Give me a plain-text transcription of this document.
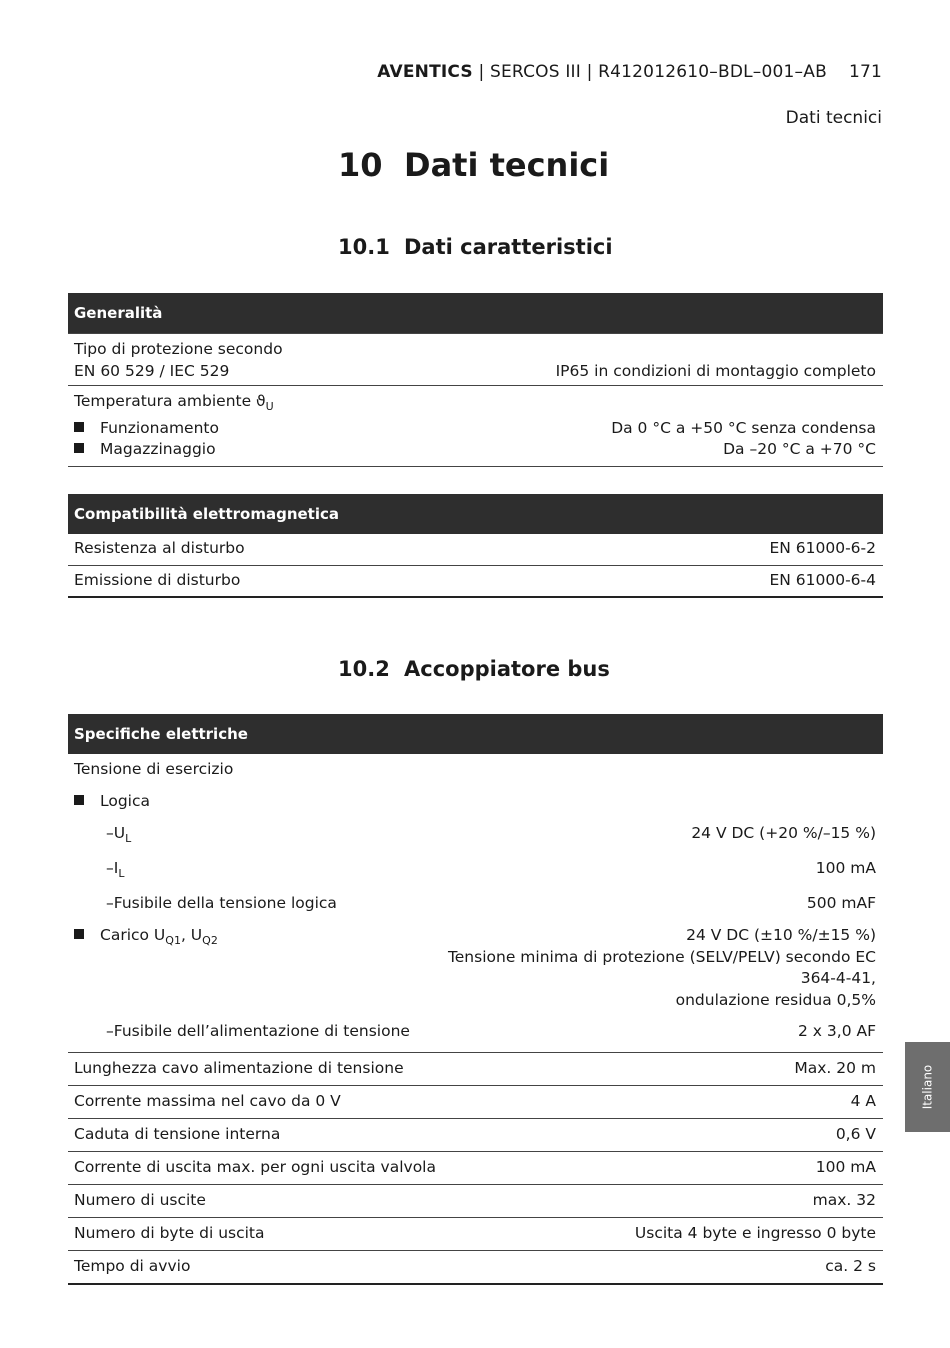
AVENTICS | SERCOS III | R412012610–BDL–001–AB 171
Dati tecnici
10 Dati tecnici
10.1 Dati caratteristici
Generalità
Tipo di protezione secondo
EN 60 529 / IEC 529	IP65 in condizioni di montaggio completo
Temperatura ambiente $ϑ_U$
Funzionamento	Da 0 °C a +50 °C senza condensa
Magazzinaggio	Da –20 °C a +70 °C
Compatibilità elettromagnetica
Resistenza al disturbo	EN 61000-6-2
Emissione di disturbo	EN 61000-6-4
10.2 Accoppiatore bus
Specifiche elettriche
Tensione di esercizio
Logica
$-U_L$	24 V DC (+20 %/–15 %)
$-I_L$	100 mA
–Fusibile della tensione logica	500 mAF
Carico $U_{Q1}$, $U_{Q2}$	24 V DC (±10 %/±15 %)
Tensione minima di protezione (SELV/PELV) secondo EC
364-4-41,
ondulazione residua 0,5%
–Fusibile dell’alimentazione di tensione	2 x 3,0 AF
Lunghezza cavo alimentazione di tensione	Max. 20 m
Corrente massima nel cavo da 0 V	4 A
Caduta di tensione interna	0,6 V
Corrente di uscita max. per ogni uscita valvola	100 mA
Numero di uscite	max. 32
Numero di byte di uscita	Uscita 4 byte e ingresso 0 byte
Tempo di avvio	ca. 2 s
Italiano
